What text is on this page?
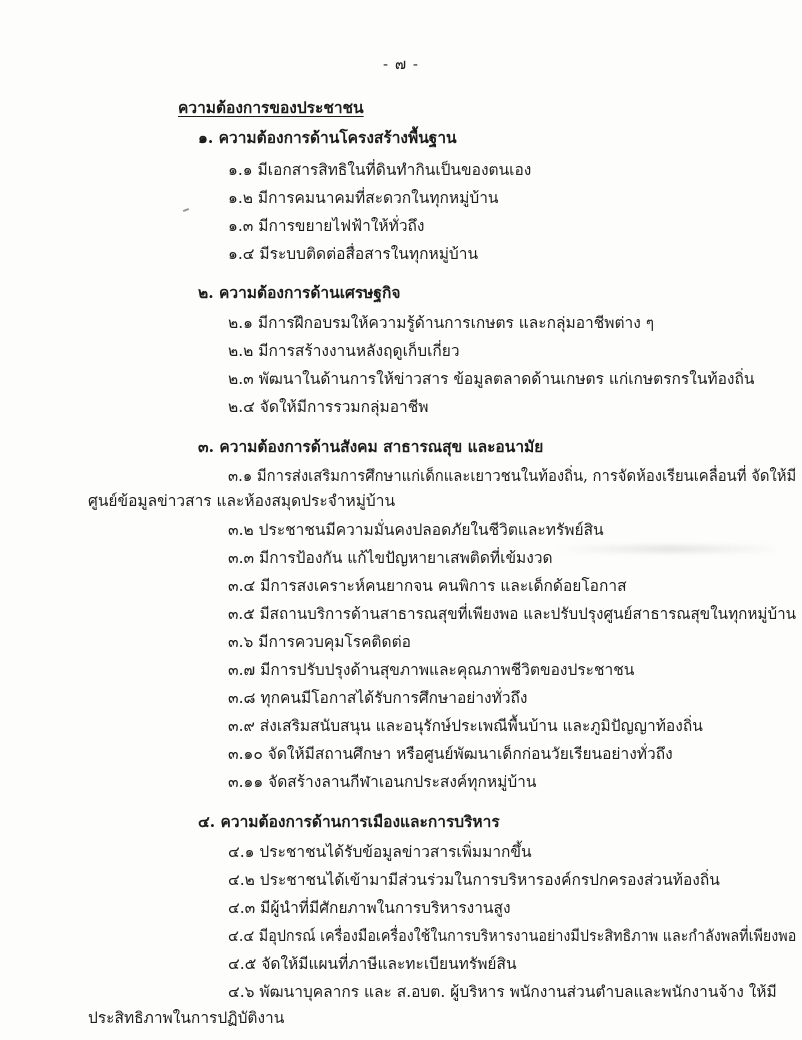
- ๗ -
ความต้องการของประชาชน
๑. ความต้องการด้านโครงสร้างพื้นฐาน
๑.๑ มีเอกสารสิทธิในที่ดินทำกินเป็นของตนเอง
๑.๒ มีการคมนาคมที่สะดวกในทุกหมู่บ้าน
๑.๓ มีการขยายไฟฟ้าให้ทั่วถึง
๑.๔ มีระบบติดต่อสื่อสารในทุกหมู่บ้าน
๒. ความต้องการด้านเศรษฐกิจ
๒.๑ มีการฝึกอบรมให้ความรู้ด้านการเกษตร และกลุ่มอาชีพต่าง ๆ
๒.๒ มีการสร้างงานหลังฤดูเก็บเกี่ยว
๒.๓ พัฒนาในด้านการให้ข่าวสาร ข้อมูลตลาดด้านเกษตร แก่เกษตรกรในท้องถิ่น
๒.๔ จัดให้มีการรวมกลุ่มอาชีพ
๓. ความต้องการด้านสังคม สาธารณสุข และอนามัย
๓.๑ มีการส่งเสริมการศึกษาแก่เด็กและเยาวชนในท้องถิ่น, การจัดห้องเรียนเคลื่อนที่ จัดให้มี
ศูนย์ข้อมูลข่าวสาร และห้องสมุดประจำหมู่บ้าน
๓.๒ ประชาชนมีความมั่นคงปลอดภัยในชีวิตและทรัพย์สิน
๓.๓ มีการป้องกัน แก้ไขปัญหายาเสพติดที่เข้มงวด
๓.๔ มีการสงเคราะห์คนยากจน คนพิการ และเด็กด้อยโอกาส
๓.๕ มีสถานบริการด้านสาธารณสุขที่เพียงพอ และปรับปรุงศูนย์สาธารณสุขในทุกหมู่บ้าน
๓.๖ มีการควบคุมโรคติดต่อ
๓.๗ มีการปรับปรุงด้านสุขภาพและคุณภาพชีวิตของประชาชน
๓.๘ ทุกคนมีโอกาสได้รับการศึกษาอย่างทั่วถึง
๓.๙ ส่งเสริมสนับสนุน และอนุรักษ์ประเพณีพื้นบ้าน และภูมิปัญญาท้องถิ่น
๓.๑๐ จัดให้มีสถานศึกษา หรือศูนย์พัฒนาเด็กก่อนวัยเรียนอย่างทั่วถึง
๓.๑๑ จัดสร้างลานกีฬาเอนกประสงค์ทุกหมู่บ้าน
๔. ความต้องการด้านการเมืองและการบริหาร
๔.๑ ประชาชนได้รับข้อมูลข่าวสารเพิ่มมากขึ้น
๔.๒ ประชาชนได้เข้ามามีส่วนร่วมในการบริหารองค์กรปกครองส่วนท้องถิ่น
๔.๓ มีผู้นำที่มีศักยภาพในการบริหารงานสูง
๔.๔ มีอุปกรณ์ เครื่องมือเครื่องใช้ในการบริหารงานอย่างมีประสิทธิภาพ และกำลังพลที่เพียงพอ
๔.๕ จัดให้มีแผนที่ภาษีและทะเบียนทรัพย์สิน
๔.๖ พัฒนาบุคลากร และ ส.อบต. ผู้บริหาร พนักงานส่วนตำบลและพนักงานจ้าง ให้มี
ประสิทธิภาพในการปฏิบัติงาน
